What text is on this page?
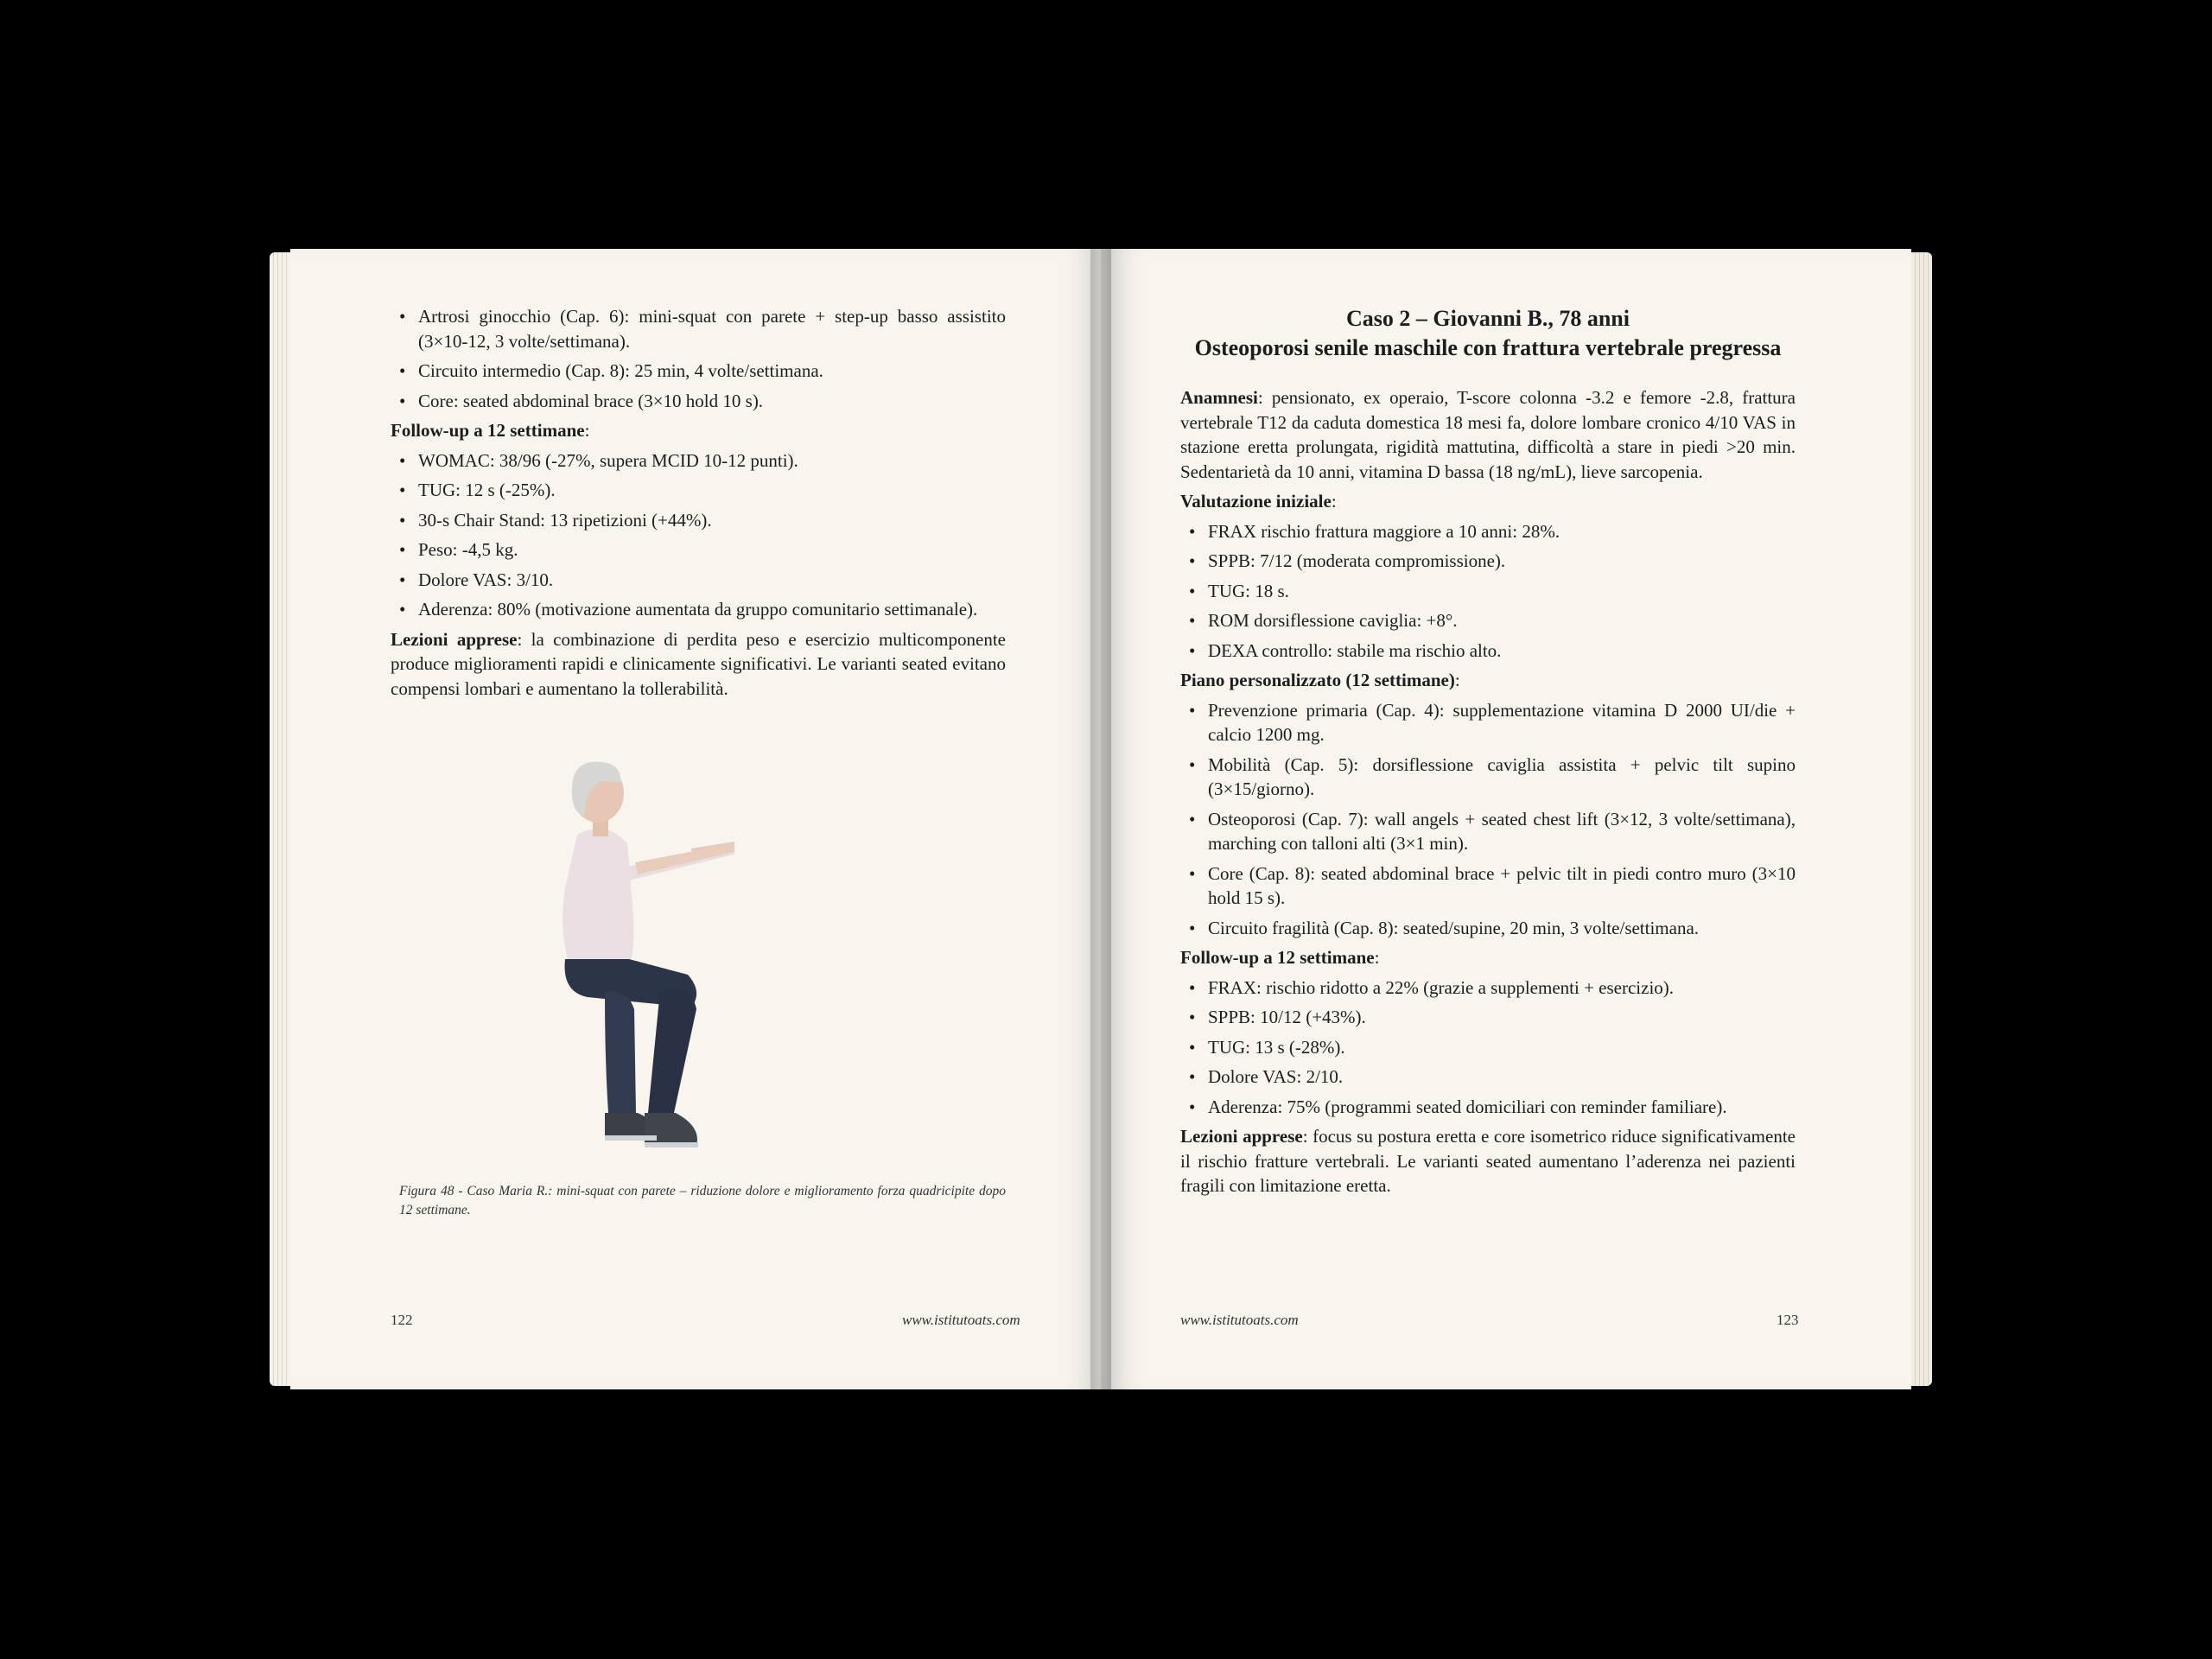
• Artrosi ginocchio (Cap. 6): mini-squat con parete + step-up basso assistito (3×10-12, 3 volte/settimana).
• Circuito intermedio (Cap. 8): 25 min, 4 volte/settimana.
• Core: seated abdominal brace (3×10 hold 10 s).

Follow-up a 12 settimane:

• WOMAC: 38/96 (-27%, supera MCID 10-12 punti).
• TUG: 12 s (-25%).
• 30-s Chair Stand: 13 ripetizioni (+44%).
• Peso: -4,5 kg.
• Dolore VAS: 3/10.
• Aderenza: 80% (motivazione aumentata da gruppo comunitario settimanale).

Lezioni apprese: la combinazione di perdita peso e esercizio multicomponente produce miglioramenti rapidi e clinicamente significativi. Le varianti seated evitano compensi lombari e aumentano la tollerabilità.

Figura 48 - Caso Maria R.: mini-squat con parete – riduzione dolore e miglioramento forza quadricipite dopo 12 settimane.
122	www.istitutoats.com
Caso 2 – Giovanni B., 78 anni
Osteoporosi senile maschile con frattura vertebrale pregressa

Anamnesi: pensionato, ex operaio, T-score colonna -3.2 e femore -2.8, frattura vertebrale T12 da caduta domestica 18 mesi fa, dolore lombare cronico 4/10 VAS in stazione eretta prolungata, rigidità mattutina, difficoltà a stare in piedi >20 min. Sedentarietà da 10 anni, vitamina D bassa (18 ng/mL), lieve sarcopenia.

Valutazione iniziale:

• FRAX rischio frattura maggiore a 10 anni: 28%.
• SPPB: 7/12 (moderata compromissione).
• TUG: 18 s.
• ROM dorsiflessione caviglia: +8°.
• DEXA controllo: stabile ma rischio alto.

Piano personalizzato (12 settimane):

• Prevenzione primaria (Cap. 4): supplementazione vitamina D 2000 UI/die + calcio 1200 mg.
• Mobilità (Cap. 5): dorsiflessione caviglia assistita + pelvic tilt supino (3×15/giorno).
• Osteoporosi (Cap. 7): wall angels + seated chest lift (3×12, 3 volte/settimana), marching con talloni alti (3×1 min).
• Core (Cap. 8): seated abdominal brace + pelvic tilt in piedi contro muro (3×10 hold 15 s).
• Circuito fragilità (Cap. 8): seated/supine, 20 min, 3 volte/settimana.

Follow-up a 12 settimane:

• FRAX: rischio ridotto a 22% (grazie a supplementi + esercizio).
• SPPB: 10/12 (+43%).
• TUG: 13 s (-28%).
• Dolore VAS: 2/10.
• Aderenza: 75% (programmi seated domiciliari con reminder familiare).

Lezioni apprese: focus su postura eretta e core isometrico riduce significativamente il rischio fratture vertebrali. Le varianti seated aumentano l’aderenza nei pazienti fragili con limitazione eretta.

www.istitutoats.com	123
